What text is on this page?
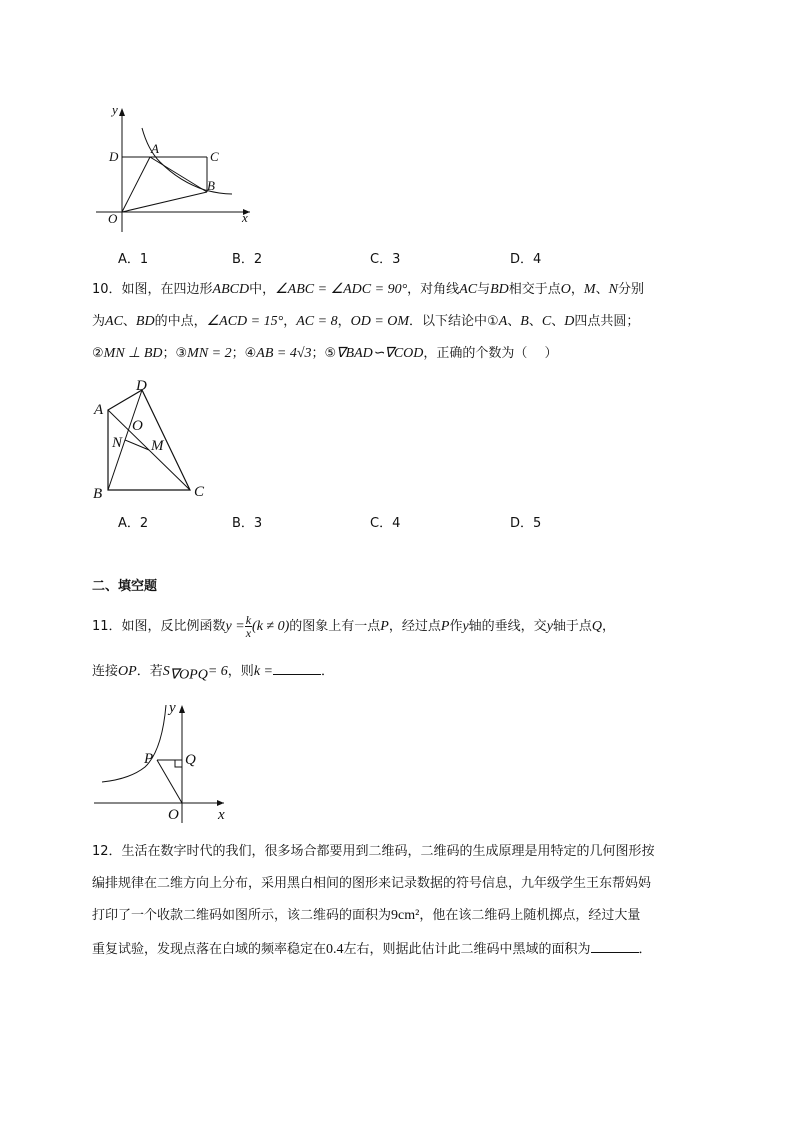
y
x
D
A
C
B
O
A．1	B．2	C．3	D．4
10．如图，在四边形ABCD中，∠ABC = ∠ADC = 90°，对角线AC与BD相交于点O，M、N分别
为AC、BD的中点，∠ACD = 15°，AC = 8，OD = OM．以下结论中①A、B、C、D四点共圆；
②MN ⊥ BD；③MN = 2；④AB = 4√3；⑤∇BAD∽∇COD，正确的个数为（　 ）
D
A
O
N M
B	C
A．2	B．3	C．4	D．5
二、填空题
11．如图，反比例函数$y = \frac{k}{x} (k \ne 0)$的图象上有一点P，经过点P作y轴的垂线，交y轴于点Q，
连接OP．若S∇OPQ= 6，则k =	．
y
P Q
O	x
12．生活在数字时代的我们，很多场合都要用到二维码，二维码的生成原理是用特定的几何图形按
编排规律在二维方向上分布，采用黑白相间的图形来记录数据的符号信息，九年级学生王东帮妈妈
打印了一个收款二维码如图所示，该二维码的面积为9cm²，他在该二维码上随机掷点，经过大量
重复试验，发现点落在白域的频率稳定在0.4左右，则据此估计此二维码中黑域的面积为	．
